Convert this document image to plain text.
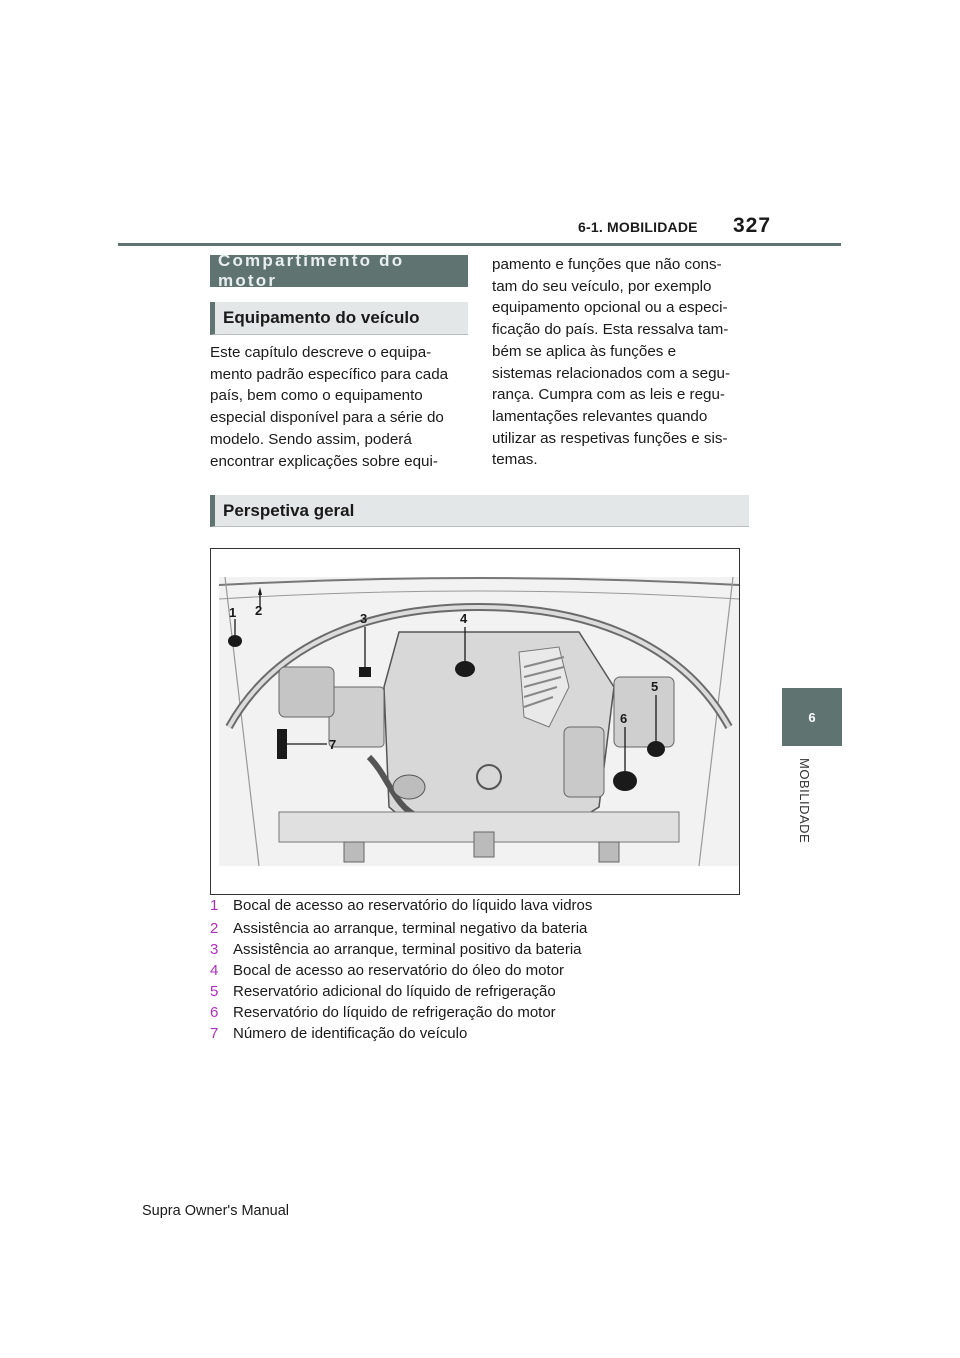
6-1. MOBILIDADE 327
6
MOBILIDADE
Compartimento do motor
Equipamento do veículo
Este capítulo descreve o equipa-
mento padrão específico para cada
país, bem como o equipamento
especial disponível para a série do
modelo. Sendo assim, poderá
encontrar explicações sobre equi-
pamento e funções que não cons-
tam do seu veículo, por exemplo
equipamento opcional ou a especi-
ficação do país. Esta ressalva tam-
bém se aplica às funções e
sistemas relacionados com a segu-
rança. Cumpra com as leis e regu-
lamentações relevantes quando
utilizar as respetivas funções e sis-
temas.
Perspetiva geral
1 2
3	4
5
6
7
1 Bocal de acesso ao reservatório do líquido lava vidros
2 Assistência ao arranque, terminal negativo da bateria
3 Assistência ao arranque, terminal positivo da bateria
4 Bocal de acesso ao reservatório do óleo do motor
5 Reservatório adicional do líquido de refrigeração
6 Reservatório do líquido de refrigeração do motor
7 Número de identificação do veículo
Supra Owner's Manual
